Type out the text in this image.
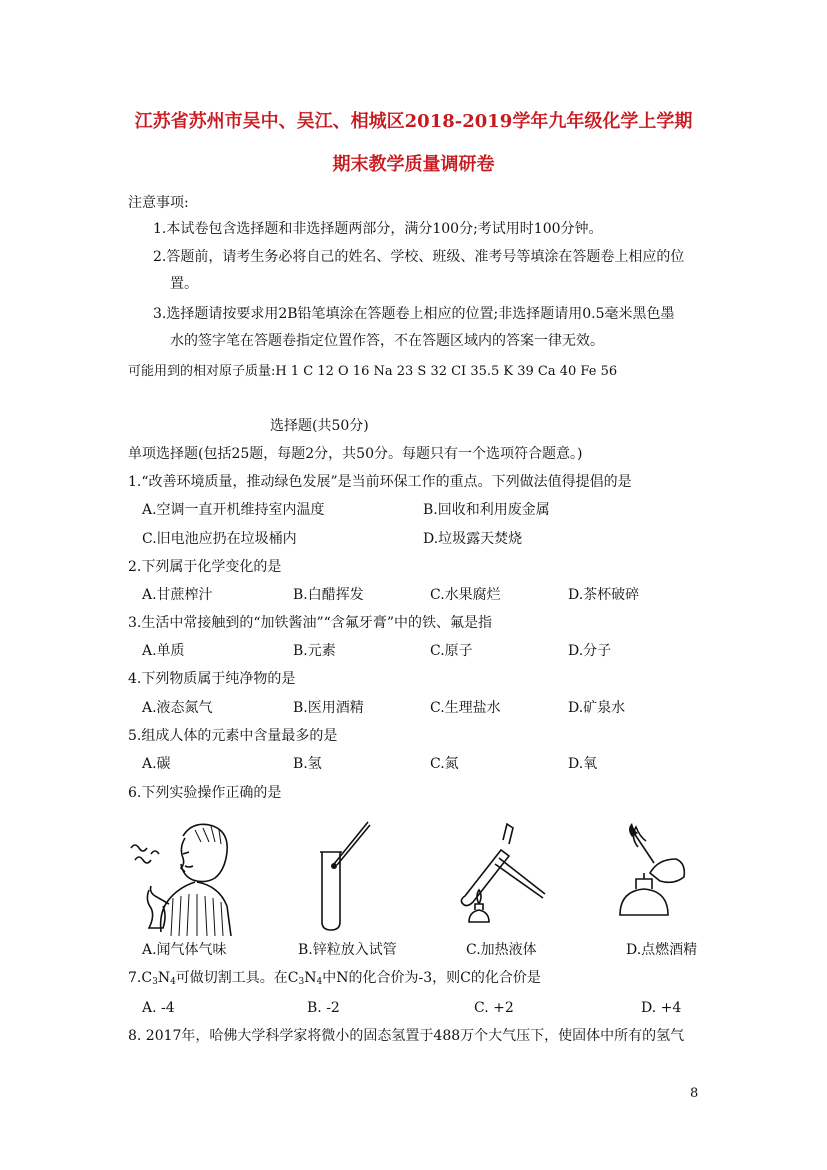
江苏省苏州市吴中、吴江、相城区2018-2019学年九年级化学上学期
期末教学质量调研卷
注意事项:
1.本试卷包含选择题和非选择题两部分，满分100分;考试用时100分钟。
2.答题前，请考生务必将自己的姓名、学校、班级、准考号等填涂在答题卷上相应的位
置。
3.选择题请按要求用2B铅笔填涂在答题卷上相应的位置;非选择题请用0.5毫米黑色墨
水的签字笔在答题卷指定位置作答，不在答题区域内的答案一律无效。
可能用到的相对原子质量:H 1 C 12 O 16 Na 23 S 32 CI 35.5 K 39 Ca 40 Fe 56
选择题(共50分)
单项选择题(包括25题，每题2分，共50分。每题只有一个选项符合题意。)
1.“改善环境质量，推动绿色发展”是当前环保工作的重点。下列做法值得提倡的是
A.空调一直开机维持室内温度	B.回收和利用废金属
C.旧电池应扔在垃圾桶内	D.垃圾露天焚烧
2.下列属于化学变化的是
A.甘蔗榨汁	B.白醋挥发	C.水果腐烂	D.茶杯破碎
3.生活中常接触到的“加铁酱油”“含氟牙膏”中的铁、氟是指
A.单质	B.元素	C.原子	D.分子
4.下列物质属于纯净物的是
A.液态氮气	B.医用酒精	C.生理盐水	D.矿泉水
5.组成人体的元素中含量最多的是
A.碳	B.氢	C.氮	D.氧
6.下列实验操作正确的是
A.闻气体气味	B.锌粒放入试管	C.加热液体	D.点燃酒精
$7.C_3N_4$可做切割工具。在$C_3N_4$中N的化合价为-3，则C的化合价是
A. -4	B. -2	C. +2	D. +4
8. 2017年，哈佛大学科学家将微小的固态氢置于488万个大气压下，使固体中所有的氢气
8
